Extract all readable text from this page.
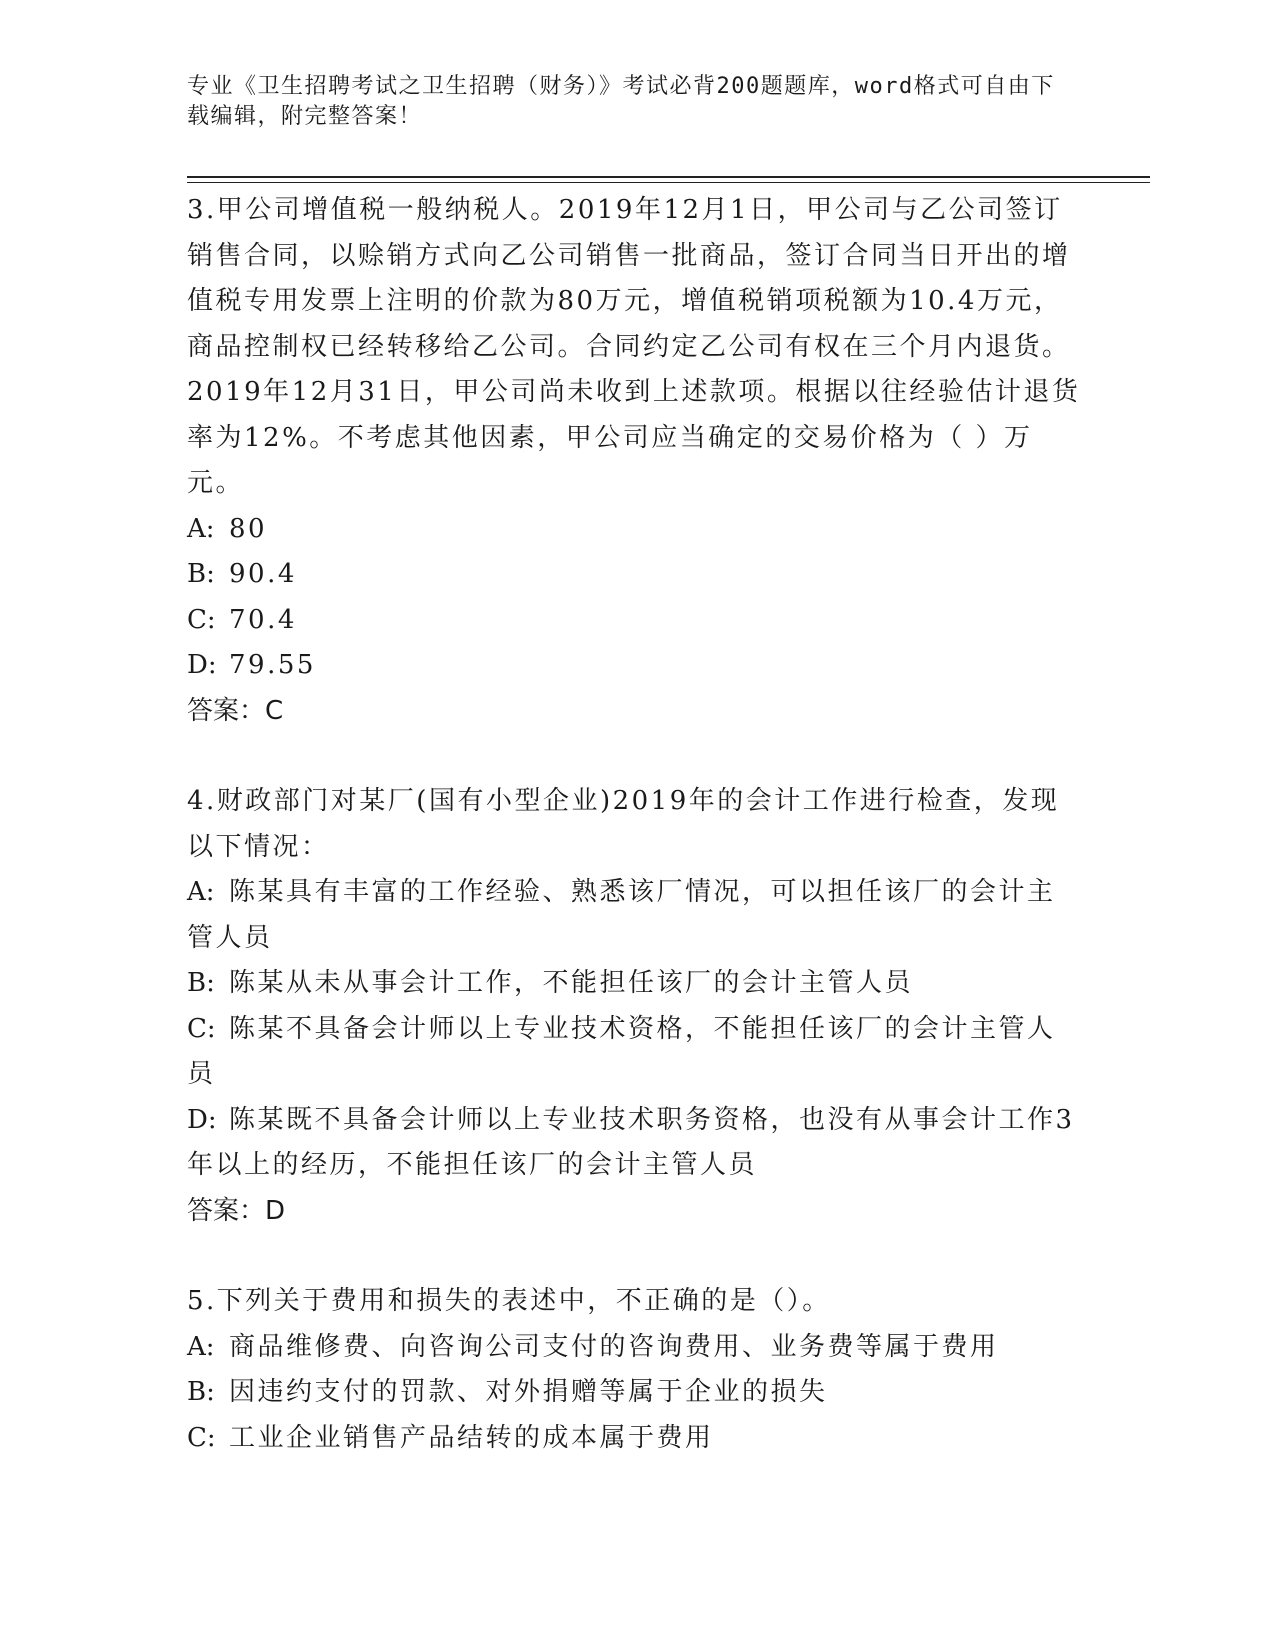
专业《卫生招聘考试之卫生招聘（财务）》考试必背200题题库，word格式可自由下载编辑，附完整答案！

3.甲公司增值税一般纳税人。2019年12月1日，甲公司与乙公司签订销售合同，以赊销方式向乙公司销售一批商品，签订合同当日开出的增值税专用发票上注明的价款为80万元，增值税销项税额为10.4万元，商品控制权已经转移给乙公司。合同约定乙公司有权在三个月内退货。2019年12月31日，甲公司尚未收到上述款项。根据以往经验估计退货率为12%。不考虑其他因素，甲公司应当确定的交易价格为（ ）万元。

A: 80

B: 90.4

C: 70.4

D: 79.55

答案：C

4.财政部门对某厂(国有小型企业)2019年的会计工作进行检查，发现以下情况：

A: 陈某具有丰富的工作经验、熟悉该厂情况，可以担任该厂的会计主管人员

B: 陈某从未从事会计工作，不能担任该厂的会计主管人员

C: 陈某不具备会计师以上专业技术资格，不能担任该厂的会计主管人员

D: 陈某既不具备会计师以上专业技术职务资格，也没有从事会计工作3年以上的经历，不能担任该厂的会计主管人员

答案：D

5.下列关于费用和损失的表述中，不正确的是（）。

A: 商品维修费、向咨询公司支付的咨询费用、业务费等属于费用

B: 因违约支付的罚款、对外捐赠等属于企业的损失

C: 工业企业销售产品结转的成本属于费用
